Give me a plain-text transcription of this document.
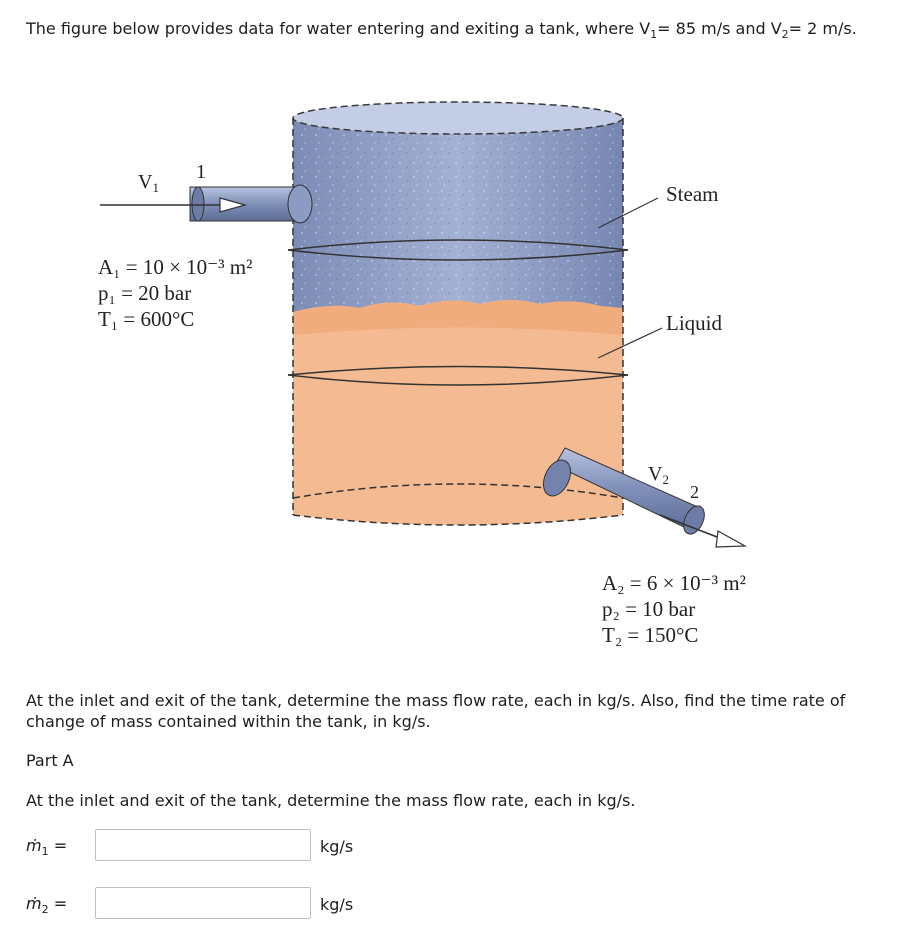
The figure below provides data for water entering and exiting a tank, where $V_1= 85$ m/s and $V_2= 2$ m/s.
$V_1$
1
A₁ = 10 × 10⁻³ m²
p₁ = 20 bar
T₁ = 600°C
Steam
Liquid
$V_2$
2
A₂ = 6 × 10⁻³ m²
p₂ = 10 bar
T₂ = 150°C
At the inlet and exit of the tank, determine the mass flow rate, each in kg/s. Also, find the time rate of change of mass contained within the tank, in kg/s.
Part A
At the inlet and exit of the tank, determine the mass flow rate, each in kg/s.
ṁ$_1$ =	kg/s
ṁ$_2$ =	kg/s
